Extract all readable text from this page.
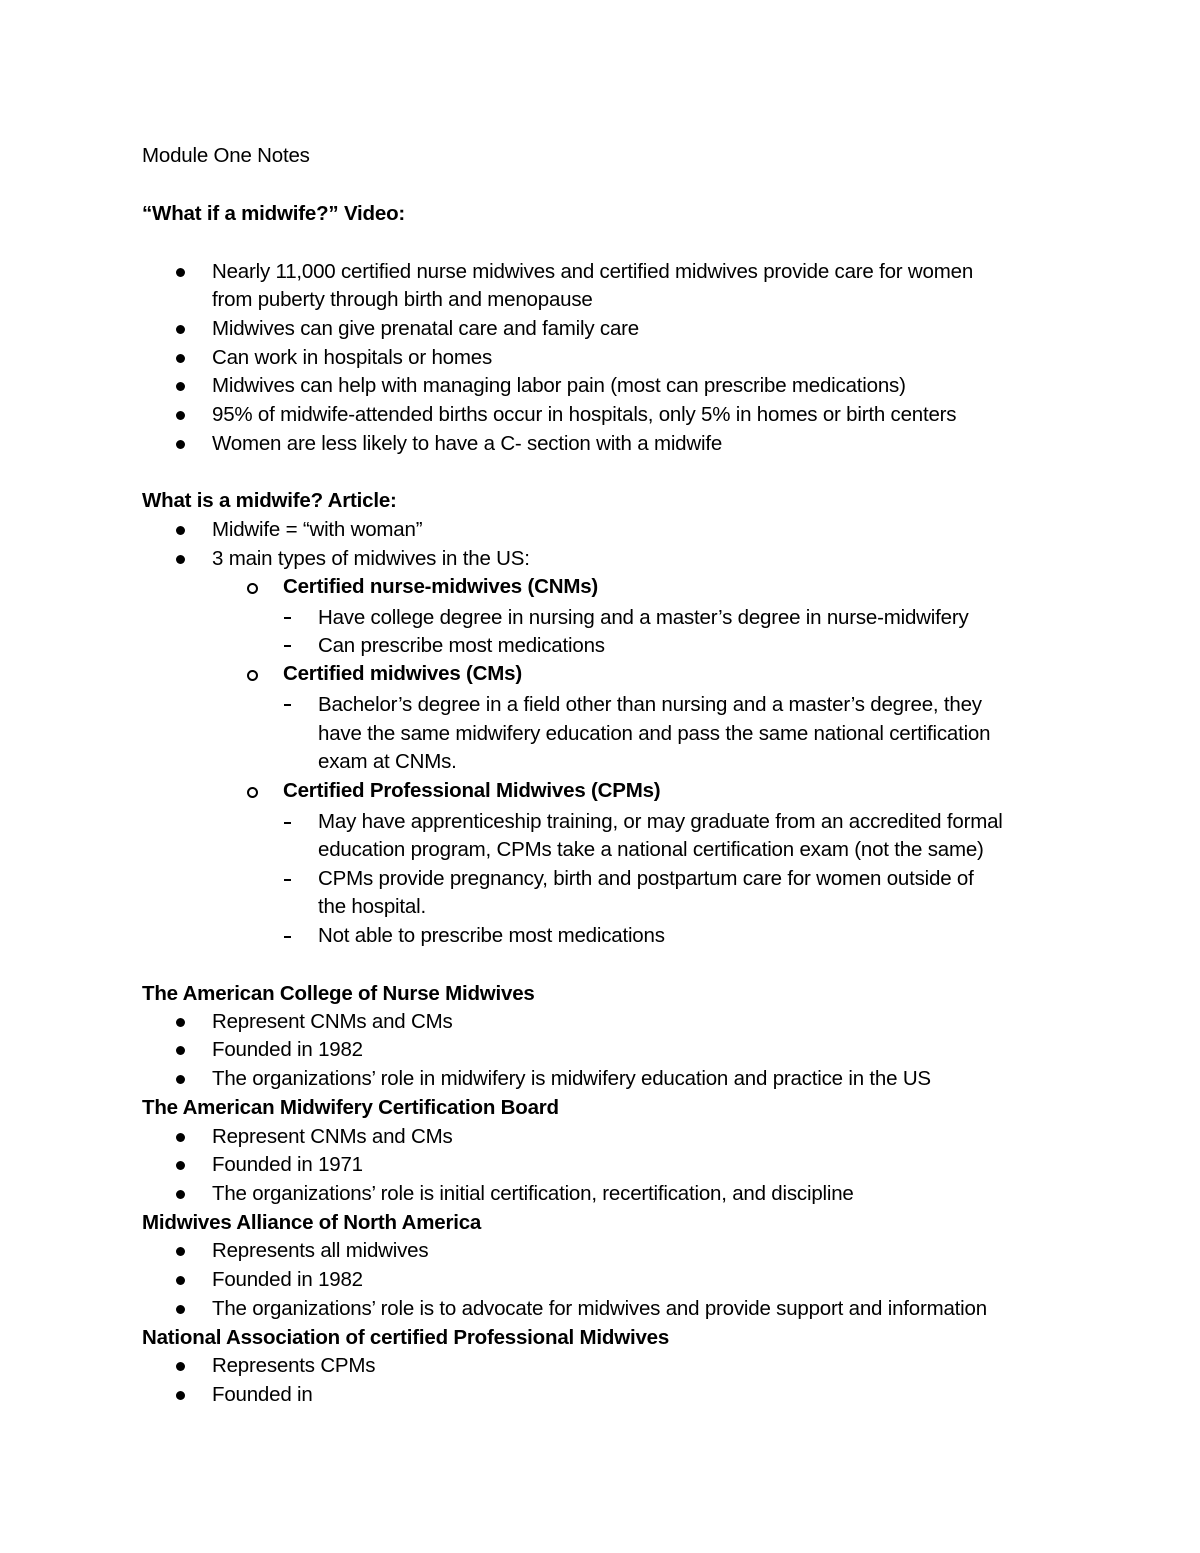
Module One Notes
“What if a midwife?” Video:
Nearly 11,000 certified nurse midwives and certified midwives provide care for women
from puberty through birth and menopause
Midwives can give prenatal care and family care
Can work in hospitals or homes
Midwives can help with managing labor pain (most can prescribe medications)
95% of midwife-attended births occur in hospitals, only 5% in homes or birth centers
Women are less likely to have a C- section with a midwife
What is a midwife? Article:
Midwife = “with woman”
3 main types of midwives in the US:
Certified nurse-midwives (CNMs)
Have college degree in nursing and a master’s degree in nurse-midwifery
Can prescribe most medications
Certified midwives (CMs)
Bachelor’s degree in a field other than nursing and a master’s degree, they
have the same midwifery education and pass the same national certification
exam at CNMs.
Certified Professional Midwives (CPMs)
May have apprenticeship training, or may graduate from an accredited formal
education program, CPMs take a national certification exam (not the same)
CPMs provide pregnancy, birth and postpartum care for women outside of
the hospital.
Not able to prescribe most medications
The American College of Nurse Midwives
Represent CNMs and CMs
Founded in 1982
The organizations’ role in midwifery is midwifery education and practice in the US
The American Midwifery Certification Board
Represent CNMs and CMs
Founded in 1971
The organizations’ role is initial certification, recertification, and discipline
Midwives Alliance of North America
Represents all midwives
Founded in 1982
The organizations’ role is to advocate for midwives and provide support and information
National Association of certified Professional Midwives
Represents CPMs
Founded in
